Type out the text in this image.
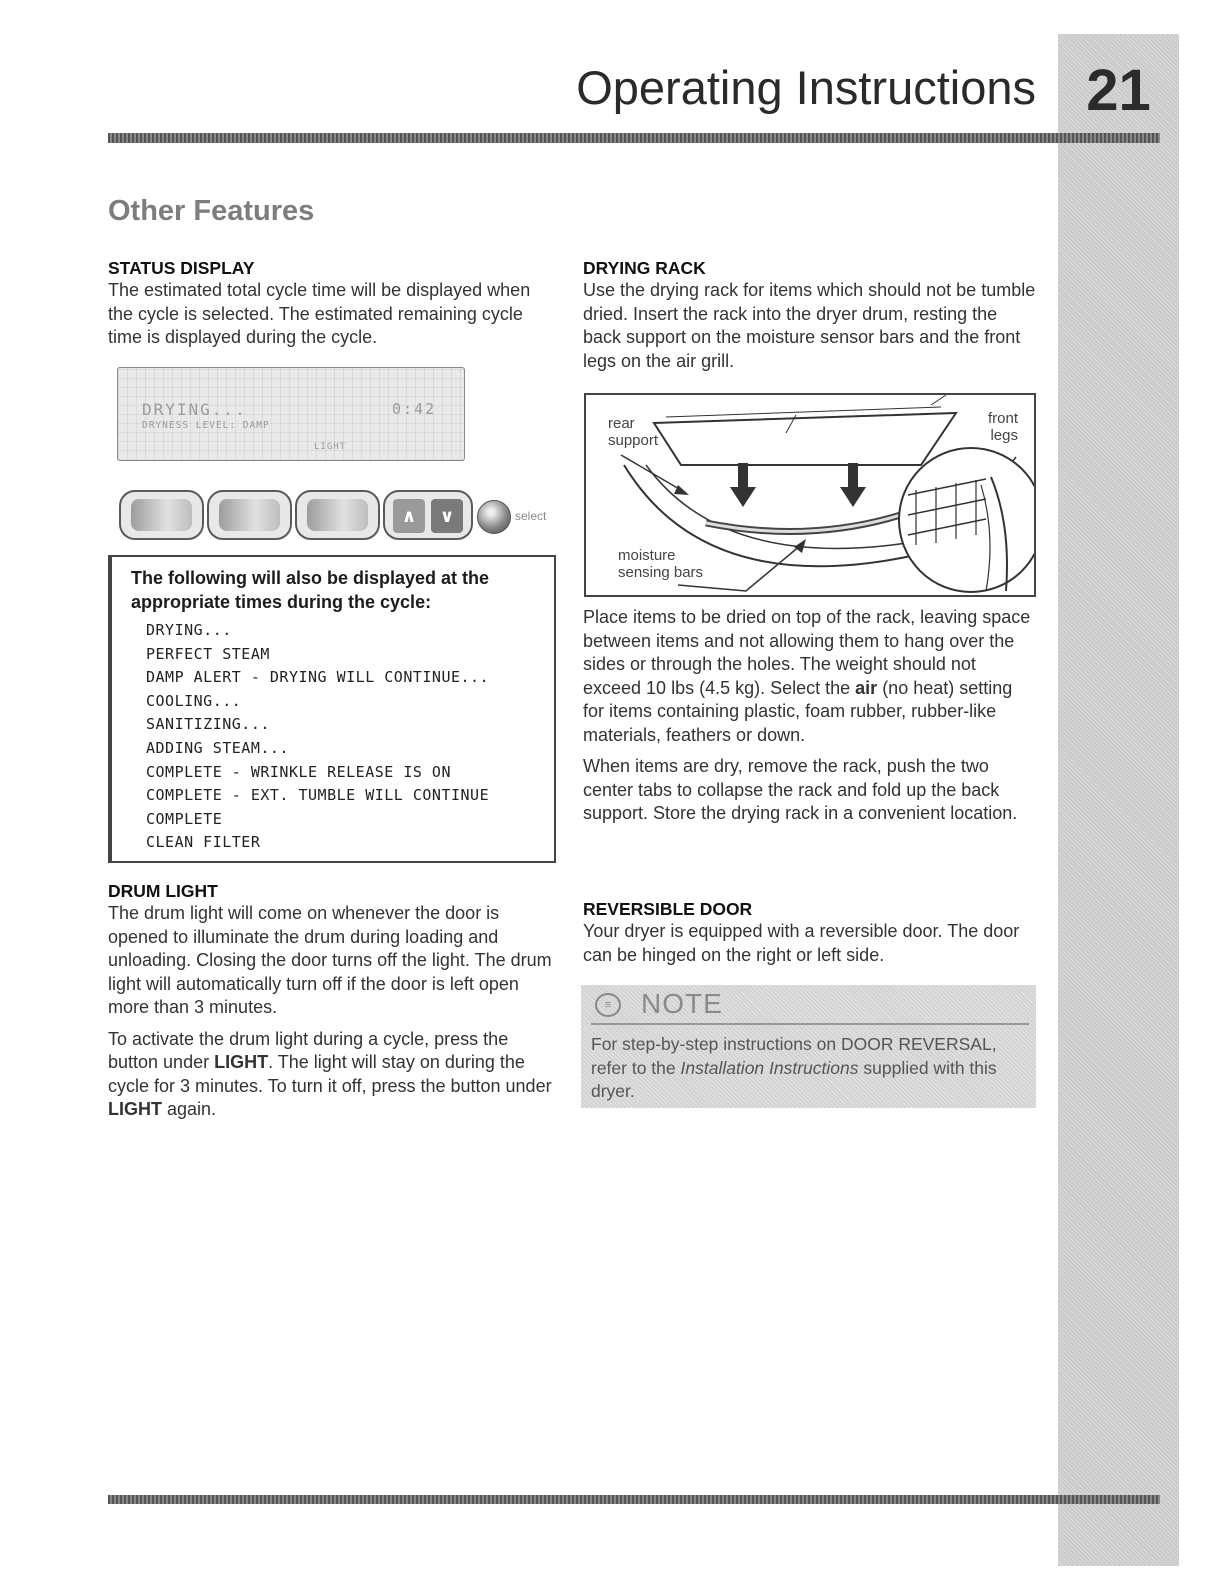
21
Operating Instructions
Other Features

STATUS DISPLAY

The estimated total cycle time will be displayed when the cycle is selected. The estimated remaining cycle time is displayed during the cycle.

DRYING...	0:42
DRYNESS LEVEL: DAMP
LIGHT
∧	∨	select
The following will also be displayed at the appropriate times during the cycle:
DRYING...
PERFECT STEAM
DAMP ALERT - DRYING WILL CONTINUE...
COOLING...
SANITIZING...
ADDING STEAM...
COMPLETE - WRINKLE RELEASE IS ON
COMPLETE - EXT. TUMBLE WILL CONTINUE
COMPLETE
CLEAN FILTER

DRUM LIGHT

The drum light will come on whenever the door is opened to illuminate the drum during loading and unloading. Closing the door turns off the light. The drum light will automatically turn off if the door is left open more than 3 minutes.

To activate the drum light during a cycle, press the button under LIGHT. The light will stay on during the cycle for 3 minutes. To turn it off, press the button under LIGHT again.

DRYING RACK

Use the drying rack for items which should not be tumble dried. Insert the rack into the dryer drum, resting the back support on the moisture sensor bars and the front legs on the air grill.

rear
support
front
legs
moisture
sensing bars

Place items to be dried on top of the rack, leaving space between items and not allowing them to hang over the sides or through the holes. The weight should not exceed 10 lbs (4.5 kg). Select the air (no heat) setting for items containing plastic, foam rubber, rubber-like materials, feathers or down.

When items are dry, remove the rack, push the two center tabs to collapse the rack and fold up the back support. Store the drying rack in a convenient location.

REVERSIBLE DOOR

Your dryer is equipped with a reversible door. The door can be hinged on the right or left side.

≡	NOTE
For step-by-step instructions on DOOR REVERSAL, refer to the Installation Instructions supplied with this dryer.
